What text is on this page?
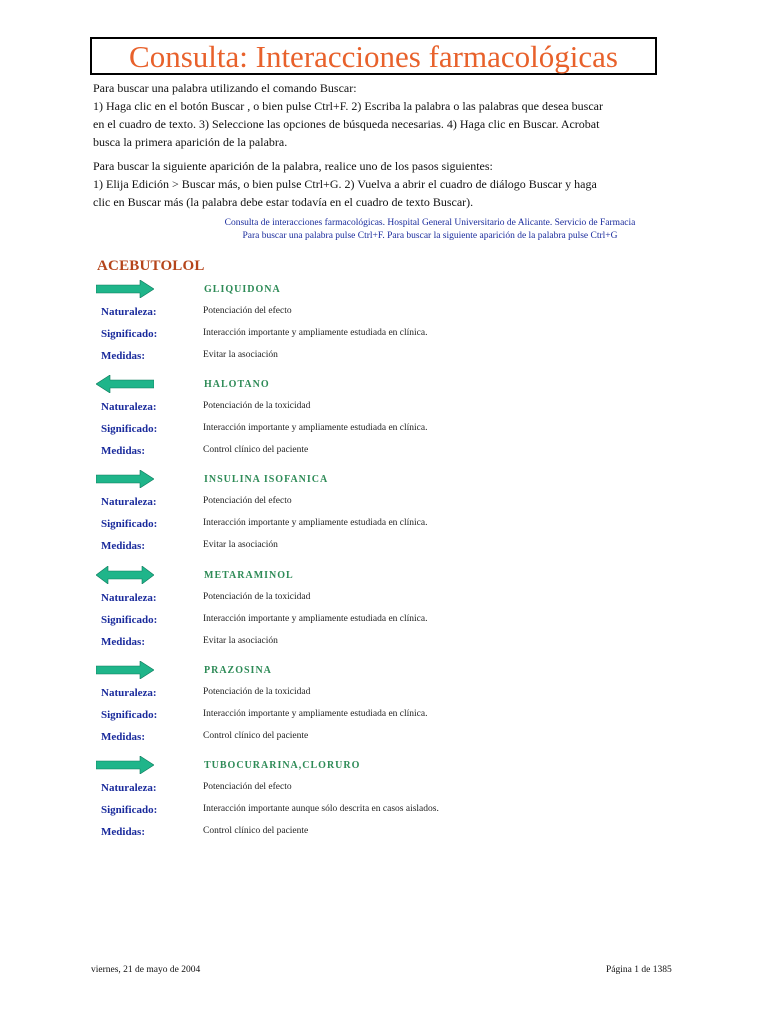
Consulta: Interacciones farmacológicas

Para buscar una palabra utilizando el comando Buscar:

1) Haga clic en el botón Buscar , o bien pulse Ctrl+F. 2) Escriba la palabra o las palabras que desea buscar en el cuadro de texto. 3) Seleccione las opciones de búsqueda necesarias. 4) Haga clic en Buscar. Acrobat busca la primera aparición de la palabra.

Para buscar la siguiente aparición de la palabra, realice uno de los pasos siguientes:

1) Elija Edición > Buscar más, o bien pulse Ctrl+G. 2) Vuelva a abrir el cuadro de diálogo Buscar y haga clic en Buscar más (la palabra debe estar todavía en el cuadro de texto Buscar).

Consulta de interacciones farmacológicas. Hospital General Universitario de Alicante. Servicio de Farmacia
Para buscar una palabra pulse Ctrl+F. Para buscar la siguiente aparición de la palabra pulse Ctrl+G
ACEBUTOLOL
GLIQUIDONA
Naturaleza:	Potenciación del efecto
Significado:	Interacción importante y ampliamente estudiada en clínica.
Medidas:	Evitar la asociación
HALOTANO
Naturaleza:	Potenciación de la toxicidad
Significado:	Interacción importante y ampliamente estudiada en clínica.
Medidas:	Control clínico del paciente
INSULINA ISOFANICA
Naturaleza:	Potenciación del efecto
Significado:	Interacción importante y ampliamente estudiada en clínica.
Medidas:	Evitar la asociación
METARAMINOL
Naturaleza:	Potenciación de la toxicidad
Significado:	Interacción importante y ampliamente estudiada en clínica.
Medidas:	Evitar la asociación
PRAZOSINA
Naturaleza:	Potenciación de la toxicidad
Significado:	Interacción importante y ampliamente estudiada en clínica.
Medidas:	Control clínico del paciente
TUBOCURARINA,CLORURO
Naturaleza:	Potenciación del efecto
Significado:	Interacción importante aunque sólo descrita en casos aislados.
Medidas:	Control clínico del paciente
viernes, 21 de mayo de 2004	Página 1 de 1385
